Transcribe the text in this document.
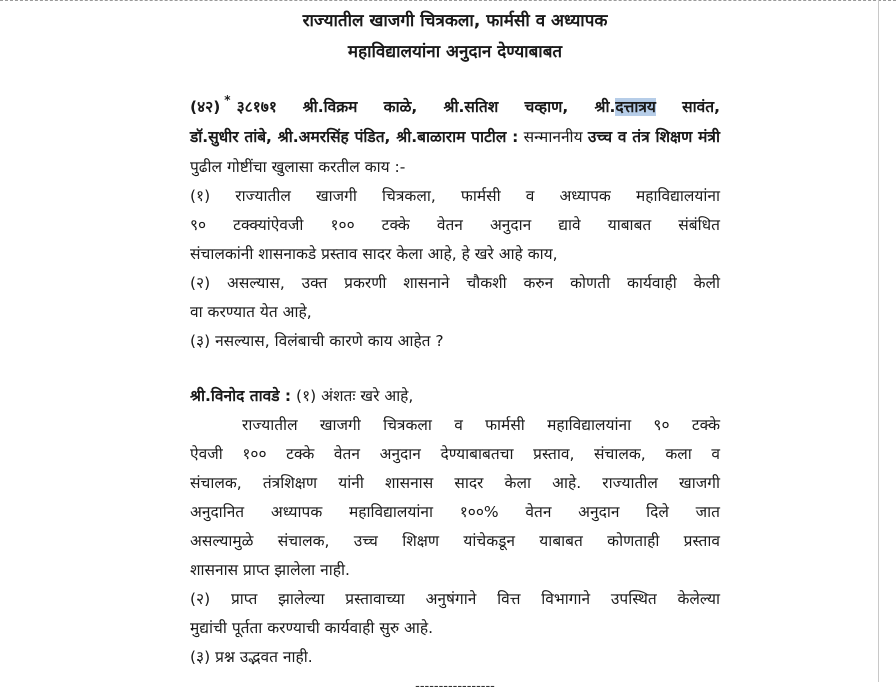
राज्यातील खाजगी चित्रकला, फार्मसी व अध्यापक
महाविद्यालयांना अनुदान देण्याबाबत
(४२) * ३८१७१ श्री.विक्रम काळे, श्री.सतिश चव्हाण, श्री.दत्तात्रय सावंत,
डॉ.सुधीर तांबे, श्री.अमरसिंह पंडित, श्री.बाळाराम पाटील : सन्माननीय उच्च व तंत्र शिक्षण मंत्री पुढील गोष्टींचा खुलासा करतील काय :-

(१) राज्यातील खाजगी चित्रकला, फार्मसी व अध्यापक महाविद्यालयांना

९० टक्क्यांऐवजी १०० टक्के वेतन अनुदान द्यावे याबाबत संबंधित

संचालकांनी शासनाकडे प्रस्ताव सादर केला आहे, हे खरे आहे काय,

(२) असल्यास, उक्त प्रकरणी शासनाने चौकशी करुन कोणती कार्यवाही केली

वा करण्यात येत आहे,

(३) नसल्यास, विलंबाची कारणे काय आहेत ?

श्री.विनोद तावडे : (१) अंशतः खरे आहे,

राज्यातील खाजगी चित्रकला व फार्मसी महाविद्यालयांना ९० टक्के

ऐवजी १०० टक्के वेतन अनुदान देण्याबाबतचा प्रस्ताव, संचालक, कला व

संचालक, तंत्रशिक्षण यांनी शासनास सादर केला आहे. राज्यातील खाजगी

अनुदानित अध्यापक महाविद्यालयांना १००% वेतन अनुदान दिले जात

असल्यामुळे संचालक, उच्च शिक्षण यांचेकडून याबाबत कोणताही प्रस्ताव

शासनास प्राप्त झालेला नाही.

(२) प्राप्त झालेल्या प्रस्तावाच्या अनुषंगाने वित्त विभागाने उपस्थित केलेल्या

मुद्यांची पूर्तता करण्याची कार्यवाही सुरु आहे.

(३) प्रश्न उद्भवत नाही.

-----------------
